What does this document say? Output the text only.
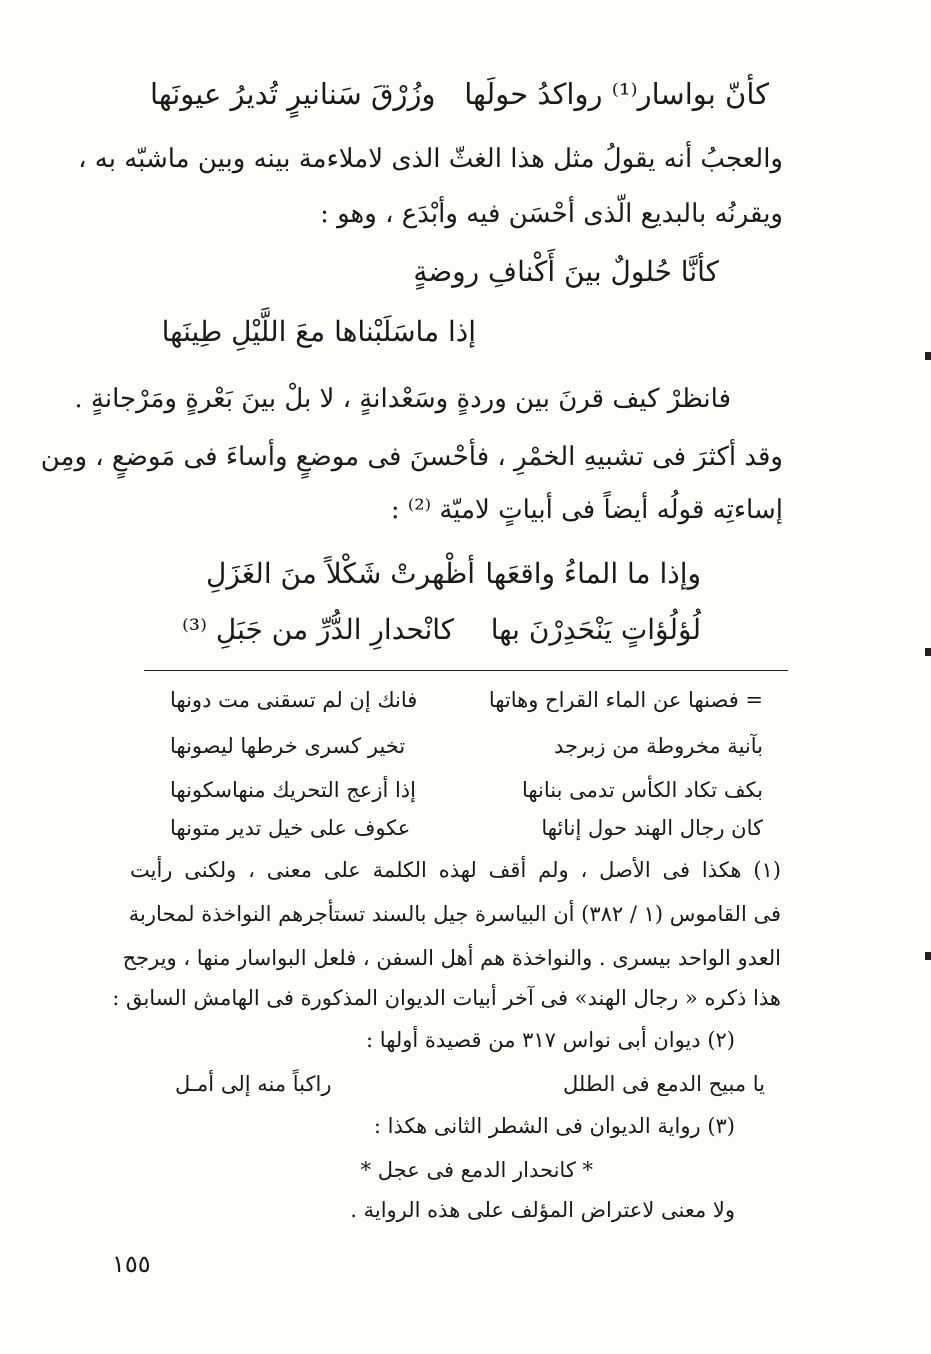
كأنّ بواسار⁽¹⁾ رواكدُ حولَها
وزُرْقَ سَنانيرٍ تُديرُ عيونَها
والعجبُ أنه يقولُ مثل هذا الغثّ الذى لاملاءمة بينه وبين ماشبّه به ،
ويقرنُه بالبديع الّذى أحْسَن فيه وأبْدَع ، وهو :
كأنَّا حُلولٌ بينَ أَكْنافِ روضةٍ
إذا ماسَلَبْناها معَ اللَّيْلِ طِينَها
فانظرْ كيف قرنَ بين وردةٍ وسَعْدانةٍ ، لا بلْ بينَ بَعْرةٍ ومَرْجانةٍ .
وقد أكثرَ فى تشبيهِ الخمْرِ ، فأحْسنَ فى موضعٍ وأساءَ فى مَوضعٍ ، ومِن
إساءتِه قولُه أيضاً فى أبياتٍ لاميّة ⁽²⁾ :
وإذا ما الماءُ واقعَها
أظْهرتْ شَكْلاً منَ الغَزَلِ
لُؤلُؤاتٍ يَنْحَدِرْنَ بها
كانْحدارِ الدُّرِّ من جَبَلِ ⁽³⁾
= فصنها عن الماء القراح وهاتها
فانك إن لم تسقنى مت دونها
بآنية مخروطة من زبرجد
تخير كسرى خرطها ليصونها
بكف تكاد الكأس تدمى بنانها
إذا أزعج التحريك منهاسكونها
كان رجال الهند حول إنائها
عكوف على خيل تدير متونها
(١) هكذا فى الأصل ، ولم أقف لهذه الكلمة على معنى ، ولكنى رأيت
فى القاموس (١ / ٣٨٢) أن البياسرة جيل بالسند تستأجرهم النواخذة لمحاربة
العدو الواحد بيسرى . والنواخذة هم أهل السفن ، فلعل البواسار منها ، ويرجح
هذا ذكره « رجال الهند» فى آخر أبيات الديوان المذكورة فى الهامش السابق :
(٢) ديوان أبى نواس ٣١٧ من قصيدة أولها :
يا مبيح الدمع فى الطلل
راكباً منه إلى أمـل
(٣) رواية الديوان فى الشطر الثانى هكذا :
* كانحدار الدمع فى عجل *
ولا معنى لاعتراض المؤلف على هذه الرواية .
١٥٥
